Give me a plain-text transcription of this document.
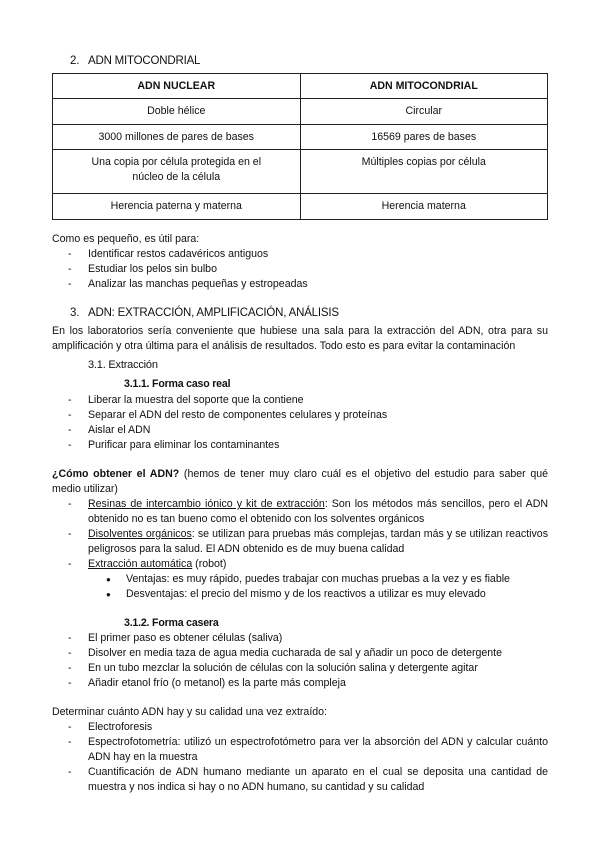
2. ADN MITOCONDRIAL
ADN NUCLEAR	ADN MITOCONDRIAL
Doble hélice	Circular
3000 millones de pares de bases	16569 pares de bases
Una copia por célula protegida en el núcleo de la célula	Múltiples copias por célula
Herencia paterna y materna	Herencia materna
Como es pequeño, es útil para:
- Identificar restos cadavéricos antiguos
- Estudiar los pelos sin bulbo
- Analizar las manchas pequeñas y estropeadas
3. ADN: EXTRACCIÓN, AMPLIFICACIÓN, ANÁLISIS
En los laboratorios sería conveniente que hubiese una sala para la extracción del ADN, otra para su amplificación y otra última para el análisis de resultados. Todo esto es para evitar la contaminación
3.1. Extracción
3.1.1. Forma caso real
- Liberar la muestra del soporte que la contiene
- Separar el ADN del resto de componentes celulares y proteínas
- Aislar el ADN
- Purificar para eliminar los contaminantes
¿Cómo obtener el ADN? (hemos de tener muy claro cuál es el objetivo del estudio para saber qué medio utilizar)
- Resinas de intercambio iónico y kit de extracción: Son los métodos más sencillos, pero el ADN obtenido no es tan bueno como el obtenido con los solventes orgánicos
- Disolventes orgánicos: se utilizan para pruebas más complejas, tardan más y se utilizan reactivos peligrosos para la salud. El ADN obtenido es de muy buena calidad
- Extracción automática (robot)
● Ventajas: es muy rápido, puedes trabajar con muchas pruebas a la vez y es fiable
● Desventajas: el precio del mismo y de los reactivos a utilizar es muy elevado
3.1.2. Forma casera
- El primer paso es obtener células (saliva)
- Disolver en media taza de agua media cucharada de sal y añadir un poco de detergente
- En un tubo mezclar la solución de células con la solución salina y detergente agitar
- Añadir etanol frío (o metanol) es la parte más compleja
Determinar cuánto ADN hay y su calidad una vez extraído:
- Electroforesis
- Espectrofotometría: utilizó un espectrofotómetro para ver la absorción del ADN y calcular cuánto ADN hay en la muestra
- Cuantificación de ADN humano mediante un aparato en el cual se deposita una cantidad de muestra y nos indica si hay o no ADN humano, su cantidad y su calidad
